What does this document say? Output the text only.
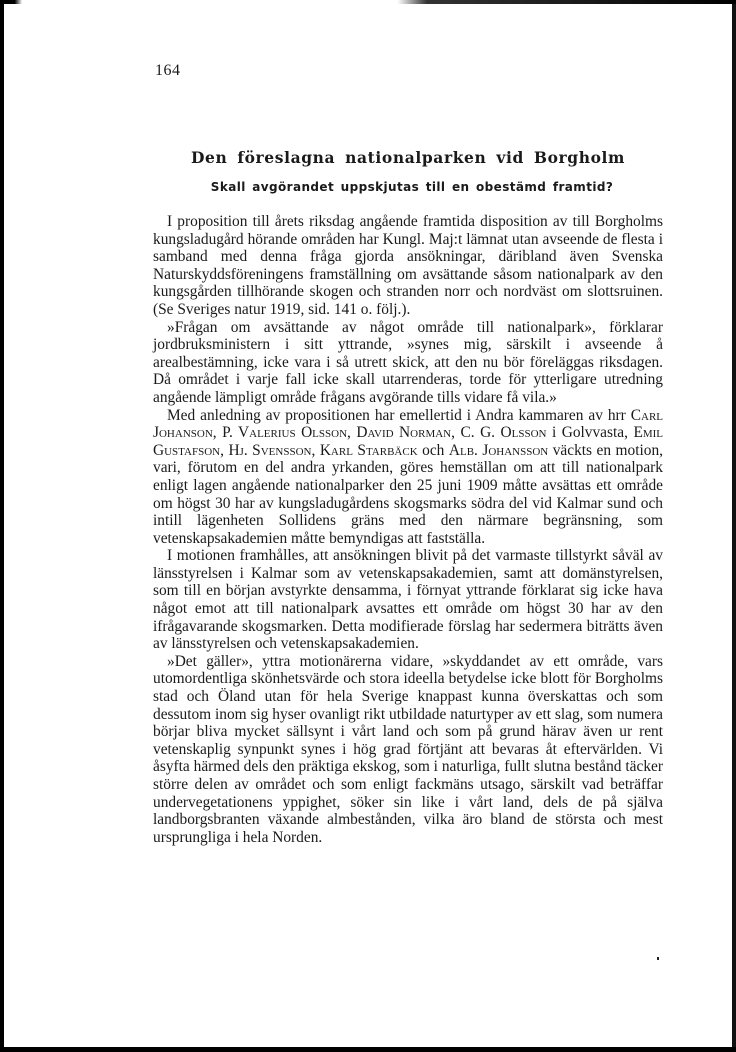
164
Den föreslagna nationalparken vid Borgholm
Skall avgörandet uppskjutas till en obestämd framtid?

I proposition till årets riksdag angående framtida disposition av till Borgholms kungsladugård hörande områden har Kungl. Maj:t lämnat utan avseende de flesta i samband med denna fråga gjorda ansökningar, däribland även Svenska Naturskyddsföreningens framställning om avsättande såsom nationalpark av den kungsgården tillhörande skogen och stranden norr och nordväst om slottsruinen. (Se Sveriges natur 1919, sid. 141 o. följ.).

»Frågan om avsättande av något område till nationalpark», förklarar jordbruksministern i sitt yttrande, »synes mig, särskilt i avseende å arealbestämning, icke vara i så utrett skick, att den nu bör föreläggas riksdagen. Då området i varje fall icke skall utarrenderas, torde för ytterligare utredning angående lämpligt område frågans avgörande tills vidare få vila.»

Med anledning av propositionen har emellertid i Andra kammaren av hrr Carl Johanson, P. Valerius Olsson, David Norman, C. G. Olsson i Golvvasta, Emil Gustafson, Hj. Svensson, Karl Starbäck och Alb. Johansson väckts en motion, vari, förutom en del andra yrkanden, göres hemställan om att till nationalpark enligt lagen angående nationalparker den 25 juni 1909 måtte avsättas ett område om högst 30 har av kungsladugårdens skogsmarks södra del vid Kalmar sund och intill lägenheten Sollidens gräns med den närmare begränsning, som vetenskapsakademien måtte bemyndigas att fastställa.

I motionen framhålles, att ansökningen blivit på det varmaste tillstyrkt såväl av länsstyrelsen i Kalmar som av vetenskapsakademien, samt att domänstyrelsen, som till en början avstyrkte densamma, i förnyat yttrande förklarat sig icke hava något emot att till nationalpark avsattes ett område om högst 30 har av den ifrågavarande skogsmarken. Detta modifierade förslag har sedermera biträtts även av länsstyrelsen och vetenskapsakademien.

»Det gäller», yttra motionärerna vidare, »skyddandet av ett område, vars utomordentliga skönhetsvärde och stora ideella betydelse icke blott för Borgholms stad och Öland utan för hela Sverige knappast kunna överskattas och som dessutom inom sig hyser ovanligt rikt utbildade naturtyper av ett slag, som numera börjar bliva mycket sällsynt i vårt land och som på grund härav även ur rent vetenskaplig synpunkt synes i hög grad förtjänt att bevaras åt eftervärlden. Vi åsyfta härmed dels den präktiga ekskog, som i naturliga, fullt slutna bestånd täcker större delen av området och som enligt fackmäns utsago, särskilt vad beträffar undervegetationens yppighet, söker sin like i vårt land, dels de på själva landborgsbranten växande almbestånden, vilka äro bland de största och mest ursprungliga i hela Norden.
